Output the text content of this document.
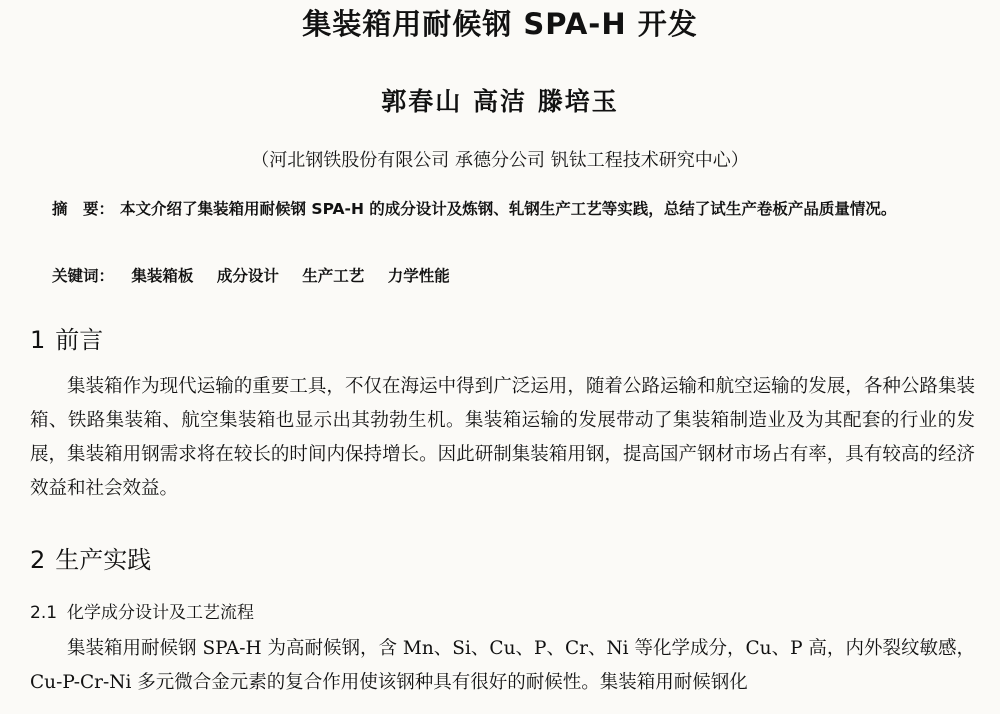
集装箱用耐候钢 SPA-H 开发
郭春山 高洁 滕培玉
（河北钢铁股份有限公司 承德分公司 钒钛工程技术研究中心）
摘　要： 本文介绍了集装箱用耐候钢 SPA-H 的成分设计及炼钢、轧钢生产工艺等实践，总结了试生产卷板产品质量情况。
关键词： 集装箱板 成分设计 生产工艺 力学性能
1 前言
集装箱作为现代运输的重要工具，不仅在海运中得到广泛运用，随着公路运输和航空运输的发展，各种公路集装箱、铁路集装箱、航空集装箱也显示出其勃勃生机。集装箱运输的发展带动了集装箱制造业及为其配套的行业的发展，集装箱用钢需求将在较长的时间内保持增长。因此研制集装箱用钢，提高国产钢材市场占有率，具有较高的经济效益和社会效益。
2 生产实践
2.1 化学成分设计及工艺流程
集装箱用耐候钢 SPA-H 为高耐候钢，含 Mn、Si、Cu、P、Cr、Ni 等化学成分，Cu、P 高，内外裂纹敏感，Cu-P-Cr-Ni 多元微合金元素的复合作用使该钢种具有很好的耐候性。集装箱用耐候钢化
